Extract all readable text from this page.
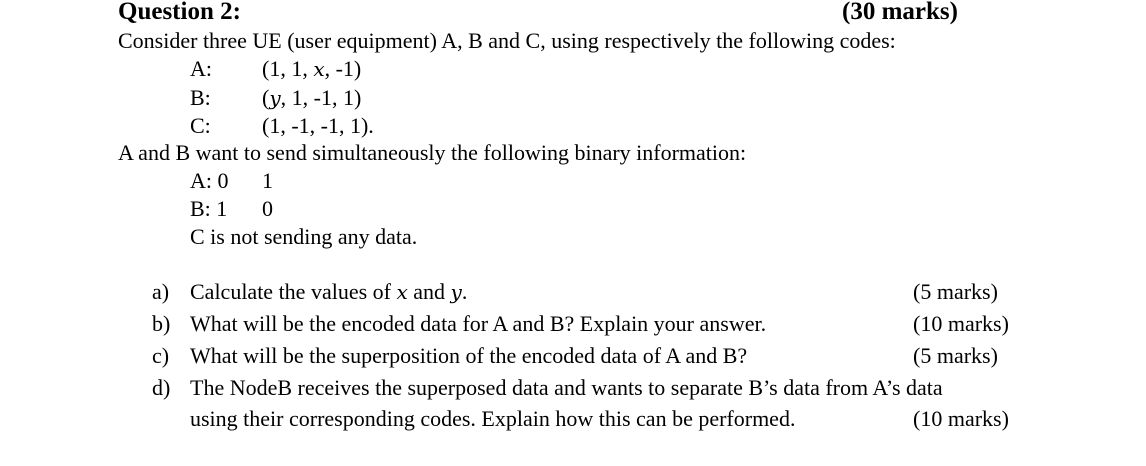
Question 2:	(30 marks)
Consider three UE (user equipment) A, B and C, using respectively the following codes:
A: (1, 1, x, -1)
B: (y, 1, -1, 1)
C: (1, -1, -1, 1).
A and B want to send simultaneously the following binary information:
A: 0 1
B: 1 0
C is not sending any data.
a) Calculate the values of x and y.	(5 marks)
b) What will be the encoded data for A and B? Explain your answer.	(10 marks)
c) What will be the superposition of the encoded data of A and B?	(5 marks)
d) The NodeB receives the superposed data and wants to separate B’s data from A’s data
using their corresponding codes. Explain how this can be performed.	(10 marks)
